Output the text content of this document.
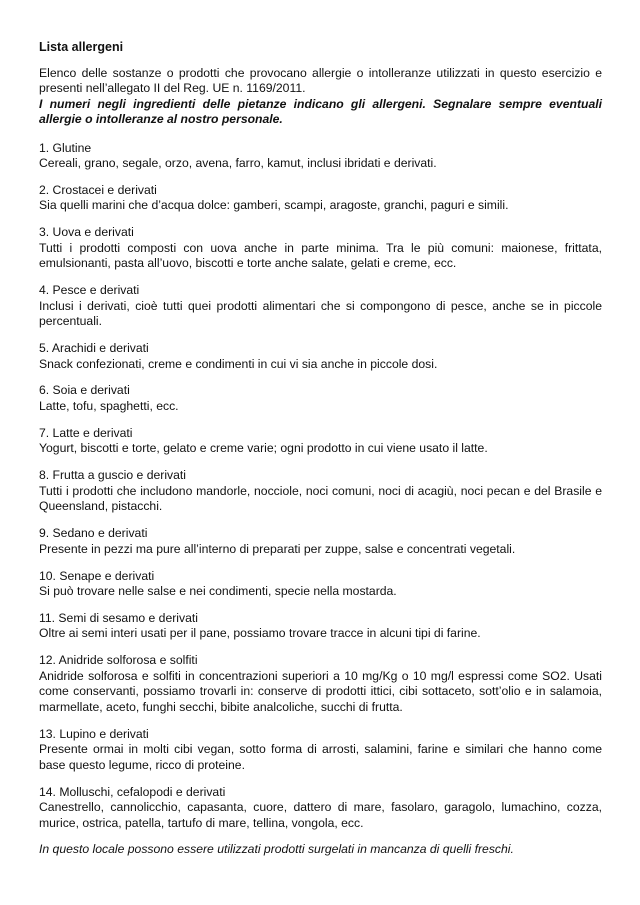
Lista allergeni

Elenco delle sostanze o prodotti che provocano allergie o intolleranze utilizzati in questo esercizio e presenti nell’allegato II del Reg. UE n. 1169/2011.

I numeri negli ingredienti delle pietanze indicano gli allergeni. Segnalare sempre eventuali allergie o intolleranze al nostro personale.

1. Glutine
Cereali, grano, segale, orzo, avena, farro, kamut, inclusi ibridati e derivati.
2. Crostacei e derivati
Sia quelli marini che d’acqua dolce: gamberi, scampi, aragoste, granchi, paguri e simili.
3. Uova e derivati
Tutti i prodotti composti con uova anche in parte minima. Tra le più comuni: maionese, frittata, emulsionanti, pasta all’uovo, biscotti e torte anche salate, gelati e creme, ecc.
4. Pesce e derivati
Inclusi i derivati, cioè tutti quei prodotti alimentari che si compongono di pesce, anche se in piccole percentuali.
5. Arachidi e derivati
Snack confezionati, creme e condimenti in cui vi sia anche in piccole dosi.
6. Soia e derivati
Latte, tofu, spaghetti, ecc.
7. Latte e derivati
Yogurt, biscotti e torte, gelato e creme varie; ogni prodotto in cui viene usato il latte.
8. Frutta a guscio e derivati
Tutti i prodotti che includono mandorle, nocciole, noci comuni, noci di acagiù, noci pecan e del Brasile e Queensland, pistacchi.
9. Sedano e derivati
Presente in pezzi ma pure all’interno di preparati per zuppe, salse e concentrati vegetali.
10. Senape e derivati
Si può trovare nelle salse e nei condimenti, specie nella mostarda.
11. Semi di sesamo e derivati
Oltre ai semi interi usati per il pane, possiamo trovare tracce in alcuni tipi di farine.
12. Anidride solforosa e solfiti
Anidride solforosa e solfiti in concentrazioni superiori a 10 mg/Kg o 10 mg/l espressi come SO2. Usati come conservanti, possiamo trovarli in: conserve di prodotti ittici, cibi sottaceto, sott’olio e in salamoia, marmellate, aceto, funghi secchi, bibite analcoliche, succhi di frutta.
13. Lupino e derivati
Presente ormai in molti cibi vegan, sotto forma di arrosti, salamini, farine e similari che hanno come base questo legume, ricco di proteine.
14. Molluschi, cefalopodi e derivati
Canestrello, cannolicchio, capasanta, cuore, dattero di mare, fasolaro, garagolo, lumachino, cozza, murice, ostrica, patella, tartufo di mare, tellina, vongola, ecc.

In questo locale possono essere utilizzati prodotti surgelati in mancanza di quelli freschi.
